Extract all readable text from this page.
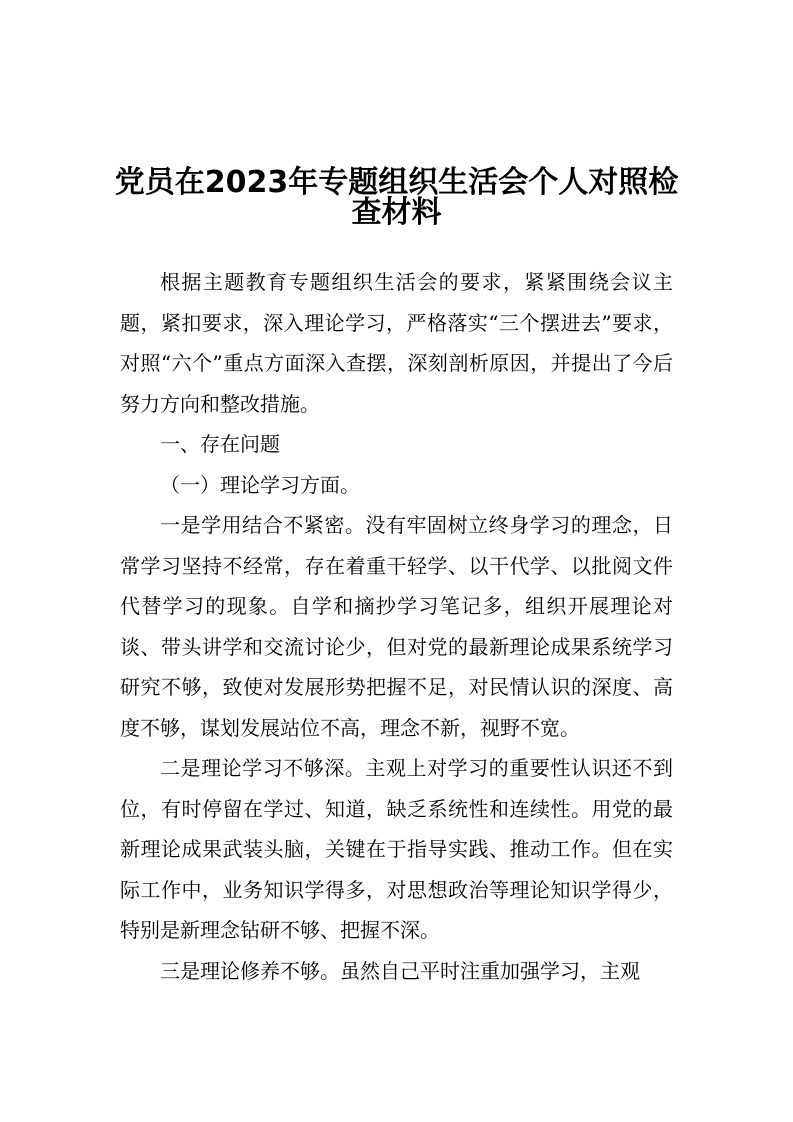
党员在2023年专题组织生活会个人对照检
查材料

根据主题教育专题组织生活会的要求，紧紧围绕会议主题，紧扣要求，深入理论学习，严格落实“三个摆进去”要求，对照“六个”重点方面深入查摆，深刻剖析原因，并提出了今后努力方向和整改措施。

一、存在问题

（一）理论学习方面。

一是学用结合不紧密。没有牢固树立终身学习的理念，日常学习坚持不经常，存在着重干轻学、以干代学、以批阅文件代替学习的现象。自学和摘抄学习笔记多，组织开展理论对谈、带头讲学和交流讨论少，但对党的最新理论成果系统学习研究不够，致使对发展形势把握不足，对民情认识的深度、高度不够，谋划发展站位不高，理念不新，视野不宽。

二是理论学习不够深。主观上对学习的重要性认识还不到位，有时停留在学过、知道，缺乏系统性和连续性。用党的最新理论成果武装头脑，关键在于指导实践、推动工作。但在实际工作中，业务知识学得多，对思想政治等理论知识学得少，特别是新理念钻研不够、把握不深。

三是理论修养不够。虽然自己平时注重加强学习，主观
